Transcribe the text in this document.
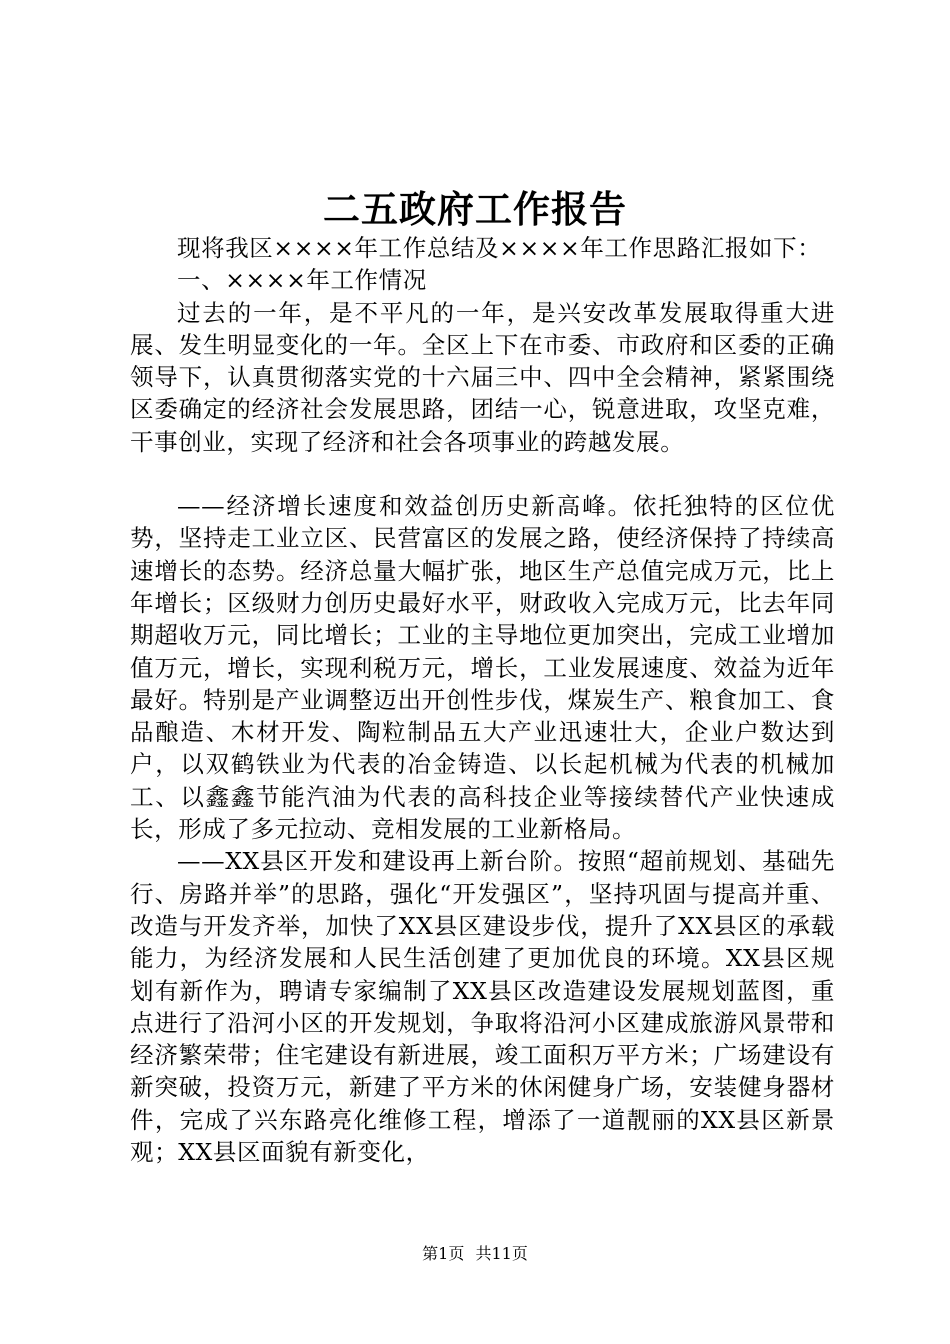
二五政府工作报告

现将我区××××年工作总结及××××年工作思路汇报如下：

一、××××年工作情况

过去的一年，是不平凡的一年，是兴安改革发展取得重大进展、发生明显变化的一年。全区上下在市委、市政府和区委的正确领导下，认真贯彻落实党的十六届三中、四中全会精神，紧紧围绕区委确定的经济社会发展思路，团结一心，锐意进取，攻坚克难，干事创业，实现了经济和社会各项事业的跨越发展。

——经济增长速度和效益创历史新高峰。依托独特的区位优势，坚持走工业立区、民营富区的发展之路，使经济保持了持续高速增长的态势。经济总量大幅扩张，地区生产总值完成万元，比上年增长；区级财力创历史最好水平，财政收入完成万元，比去年同期超收万元，同比增长；工业的主导地位更加突出，完成工业增加值万元，增长，实现利税万元，增长，工业发展速度、效益为近年最好。特别是产业调整迈出开创性步伐，煤炭生产、粮食加工、食品酿造、木材开发、陶粒制品五大产业迅速壮大，企业户数达到户，以双鹤铁业为代表的冶金铸造、以长起机械为代表的机械加工、以鑫鑫节能汽油为代表的高科技企业等接续替代产业快速成长，形成了多元拉动、竞相发展的工业新格局。

——XX县区开发和建设再上新台阶。按照“超前规划、基础先行、房路并举”的思路，强化“开发强区”，坚持巩固与提高并重、改造与开发齐举，加快了XX县区建设步伐，提升了XX县区的承载能力，为经济发展和人民生活创建了更加优良的环境。XX县区规划有新作为，聘请专家编制了XX县区改造建设发展规划蓝图，重点进行了沿河小区的开发规划，争取将沿河小区建成旅游风景带和经济繁荣带；住宅建设有新进展，竣工面积万平方米；广场建设有新突破，投资万元，新建了平方米的休闲健身广场，安装健身器材件，完成了兴东路亮化维修工程，增添了一道靓丽的XX县区新景观；XX县区面貌有新变化，

第1页 共11页
